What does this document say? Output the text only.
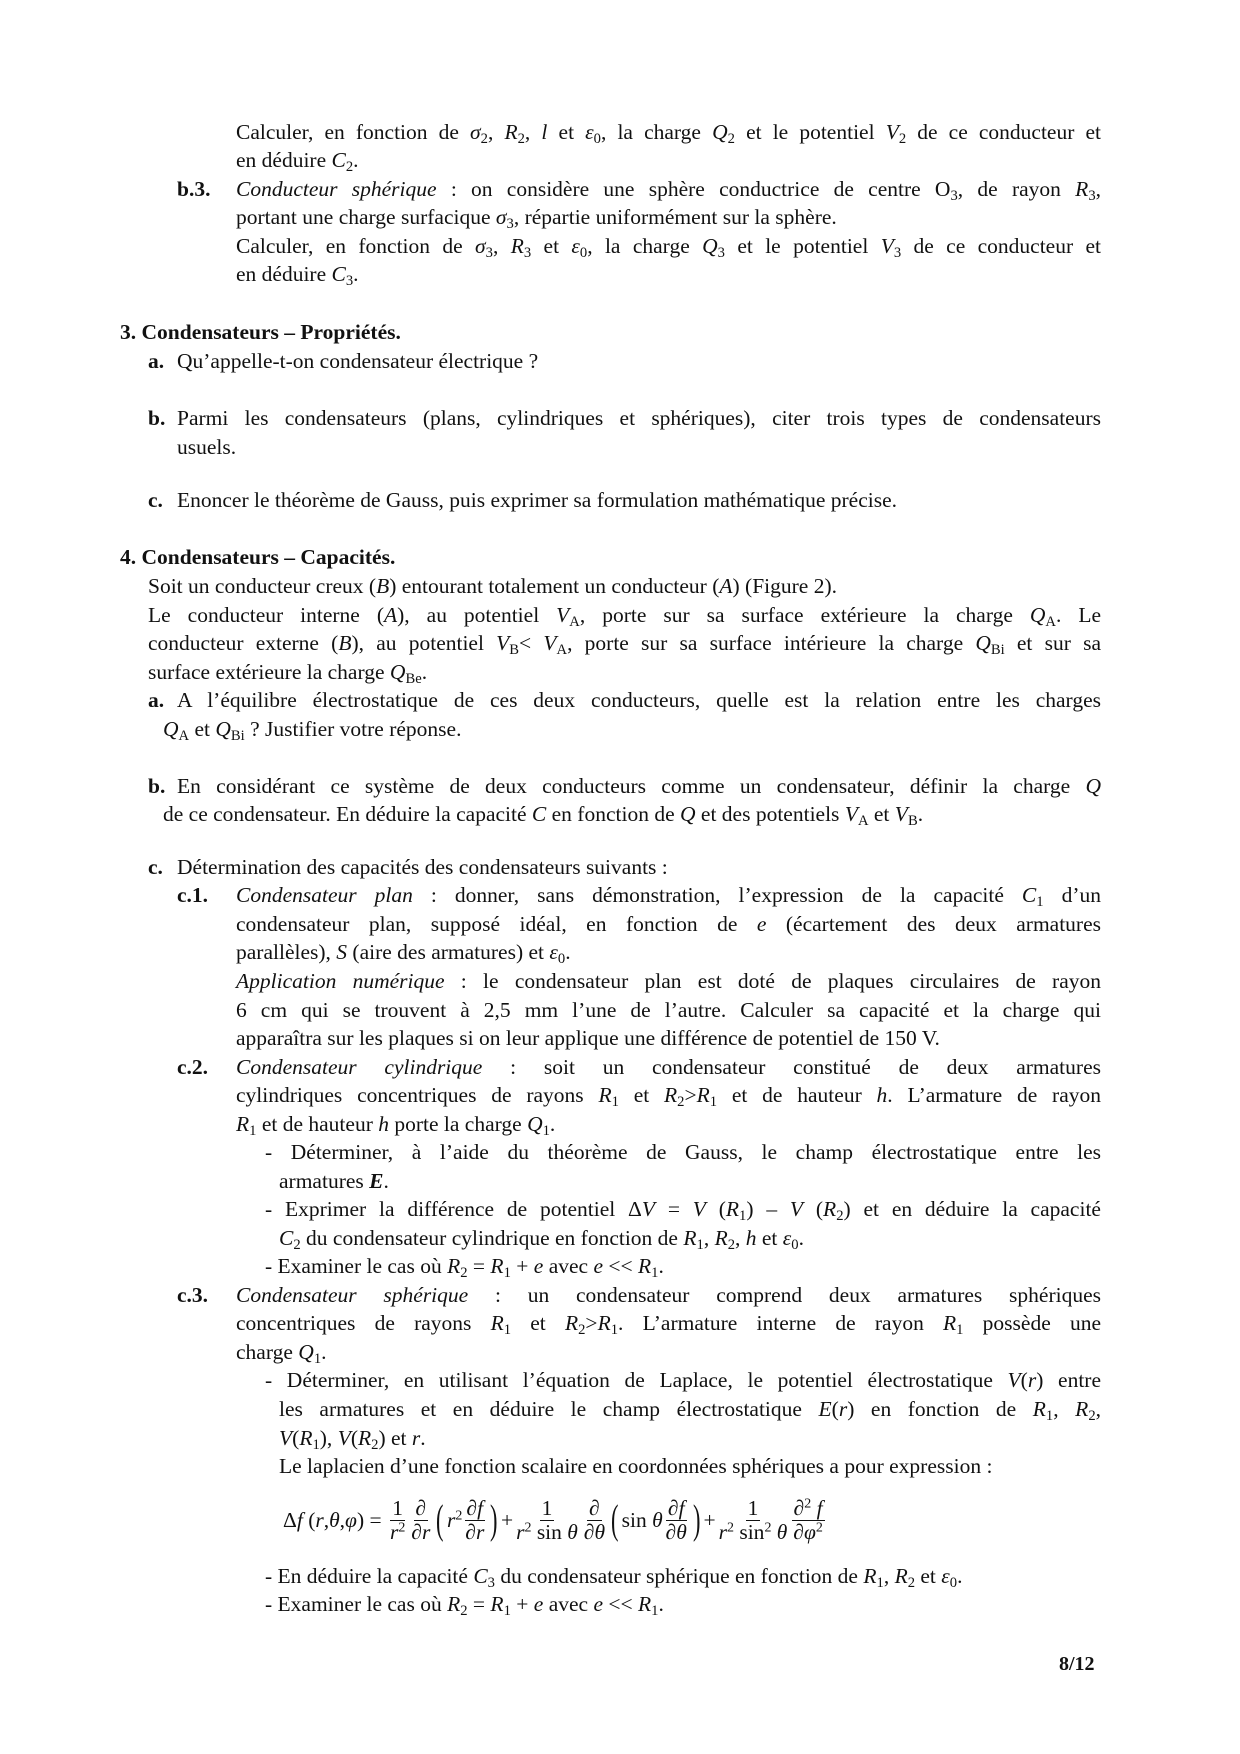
Calculer, en fonction de $\sigma_2$, $R_2$, l et $\varepsilon_0$, la charge $Q_2$ et le potentiel $V_2$ de ce conducteur et
en déduire $C_2$.
b.3. Conducteur sphérique : on considère une sphère conductrice de centre $O_3$, de rayon $R_3$,
portant une charge surfacique $\sigma_3$, répartie uniformément sur la sphère.
Calculer, en fonction de $\sigma_3$, $R_3$ et $\varepsilon_0$, la charge $Q_3$ et le potentiel $V_3$ de ce conducteur et
en déduire $C_3$.
3. Condensateurs – Propriétés.
a. Qu’appelle-t-on condensateur électrique ?
b. Parmi les condensateurs (plans, cylindriques et sphériques), citer trois types de condensateurs
usuels.
c. Enoncer le théorème de Gauss, puis exprimer sa formulation mathématique précise.
4. Condensateurs – Capacités.
Soit un conducteur creux (B) entourant totalement un conducteur (A) (Figure 2).
Le conducteur interne (A), au potentiel $V_A$, porte sur sa surface extérieure la charge $Q_A$. Le
conducteur externe (B), au potentiel $V_B< V_A$, porte sur sa surface intérieure la charge $Q_{Bi}$ et sur sa
surface extérieure la charge $Q_{Be}$.
a. A l’équilibre électrostatique de ces deux conducteurs, quelle est la relation entre les charges
$Q_A$ et $Q_{Bi}$ ? Justifier votre réponse.
b. En considérant ce système de deux conducteurs comme un condensateur, définir la charge Q
de ce condensateur. En déduire la capacité C en fonction de Q et des potentiels $V_A$ et $V_B$.
c. Détermination des capacités des condensateurs suivants :
c.1. Condensateur plan : donner, sans démonstration, l’expression de la capacité $C_1$ d’un
condensateur plan, supposé idéal, en fonction de e (écartement des deux armatures
parallèles), S (aire des armatures) et $\varepsilon_0$.
Application numérique : le condensateur plan est doté de plaques circulaires de rayon
6 cm qui se trouvent à 2,5 mm l’une de l’autre. Calculer sa capacité et la charge qui
apparaîtra sur les plaques si on leur applique une différence de potentiel de 150 V.
c.2. Condensateur cylindrique : soit un condensateur constitué de deux armatures
cylindriques concentriques de rayons $R_1$ et $R_2>R_1$ et de hauteur h. L’armature de rayon
$R_1$ et de hauteur h porte la charge $Q_1$.
- Déterminer, à l’aide du théorème de Gauss, le champ électrostatique entre les
armatures E.
- Exprimer la différence de potentiel ΔV = V $(R_1)$ – V $(R_2)$ et en déduire la capacité
$C_2$ du condensateur cylindrique en fonction de $R_1$, $R_2$, h et $\varepsilon_0$.
- Examiner le cas où $R_2 = R_1 + e$ avec $e << R_1$.
c.3. Condensateur sphérique : un condensateur comprend deux armatures sphériques
concentriques de rayons $R_1$ et $R_2>R_1$. L’armature interne de rayon $R_1$ possède une
charge $Q_1$.
- Déterminer, en utilisant l’équation de Laplace, le potentiel électrostatique V(r) entre
les armatures et en déduire le champ électrostatique E(r) en fonction de $R_1$, $R_2$,
$V(R_1)$, $V(R_2)$ et r.
Le laplacien d’une fonction scalaire en coordonnées sphériques a pour expression :
Δf $(r,\theta,\varphi) = \frac{1}{r^2} \frac{\partial}{\partial r}$ ( $r^2 \frac{\partial f}{\partial r}$ ) + $\frac{1}{r^2 \sin \theta} \frac{\partial}{\partial\theta}$ ( sin θ $\frac{\partial f}{\partial\theta}$ ) + $\frac{1}{r^2 \sin^2 \theta} \frac{\partial^2 f}{\partial\varphi^2}$
- En déduire la capacité $C_3$ du condensateur sphérique en fonction de $R_1$, $R_2$ et $\varepsilon_0$.
- Examiner le cas où $R_2 = R_1 + e$ avec $e << R_1$.
8/12
